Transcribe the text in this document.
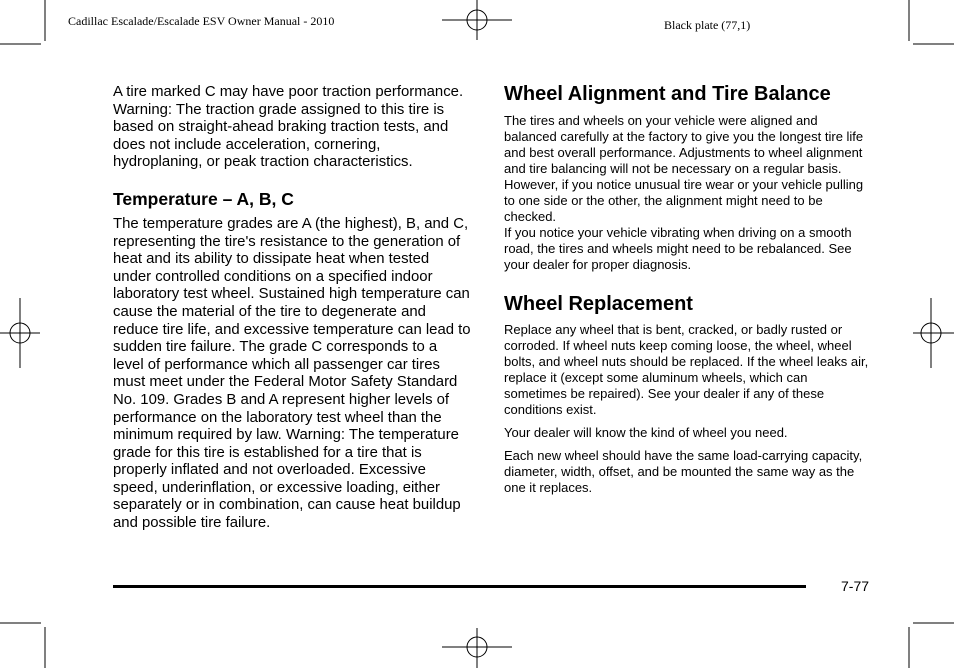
Cadillac Escalade/Escalade ESV Owner Manual - 2010	Black plate (77,1)

A tire marked C may have poor traction performance. Warning: The traction grade assigned to this tire is based on straight-ahead braking traction tests, and does not include acceleration, cornering, hydroplaning, or peak traction characteristics.

Temperature – A, B, C

The temperature grades are A (the highest), B, and C, representing the tire's resistance to the generation of heat and its ability to dissipate heat when tested under controlled conditions on a specified indoor laboratory test wheel. Sustained high temperature can cause the material of the tire to degenerate and reduce tire life, and excessive temperature can lead to sudden tire failure. The grade C corresponds to a level of performance which all passenger car tires must meet under the Federal Motor Safety Standard No. 109. Grades B and A represent higher levels of performance on the laboratory test wheel than the minimum required by law. Warning: The temperature grade for this tire is established for a tire that is properly inflated and not overloaded. Excessive speed, underinflation, or excessive loading, either separately or in combination, can cause heat buildup and possible tire failure.

Wheel Alignment and Tire Balance

The tires and wheels on your vehicle were aligned and balanced carefully at the factory to give you the longest tire life and best overall performance. Adjustments to wheel alignment and tire balancing will not be necessary on a regular basis. However, if you notice unusual tire wear or your vehicle pulling to one side or the other, the alignment might need to be checked.

If you notice your vehicle vibrating when driving on a smooth road, the tires and wheels might need to be rebalanced. See your dealer for proper diagnosis.

Wheel Replacement

Replace any wheel that is bent, cracked, or badly rusted or corroded. If wheel nuts keep coming loose, the wheel, wheel bolts, and wheel nuts should be replaced. If the wheel leaks air, replace it (except some aluminum wheels, which can sometimes be repaired). See your dealer if any of these conditions exist.

Your dealer will know the kind of wheel you need.

Each new wheel should have the same load-carrying capacity, diameter, width, offset, and be mounted the same way as the one it replaces.

7-77
